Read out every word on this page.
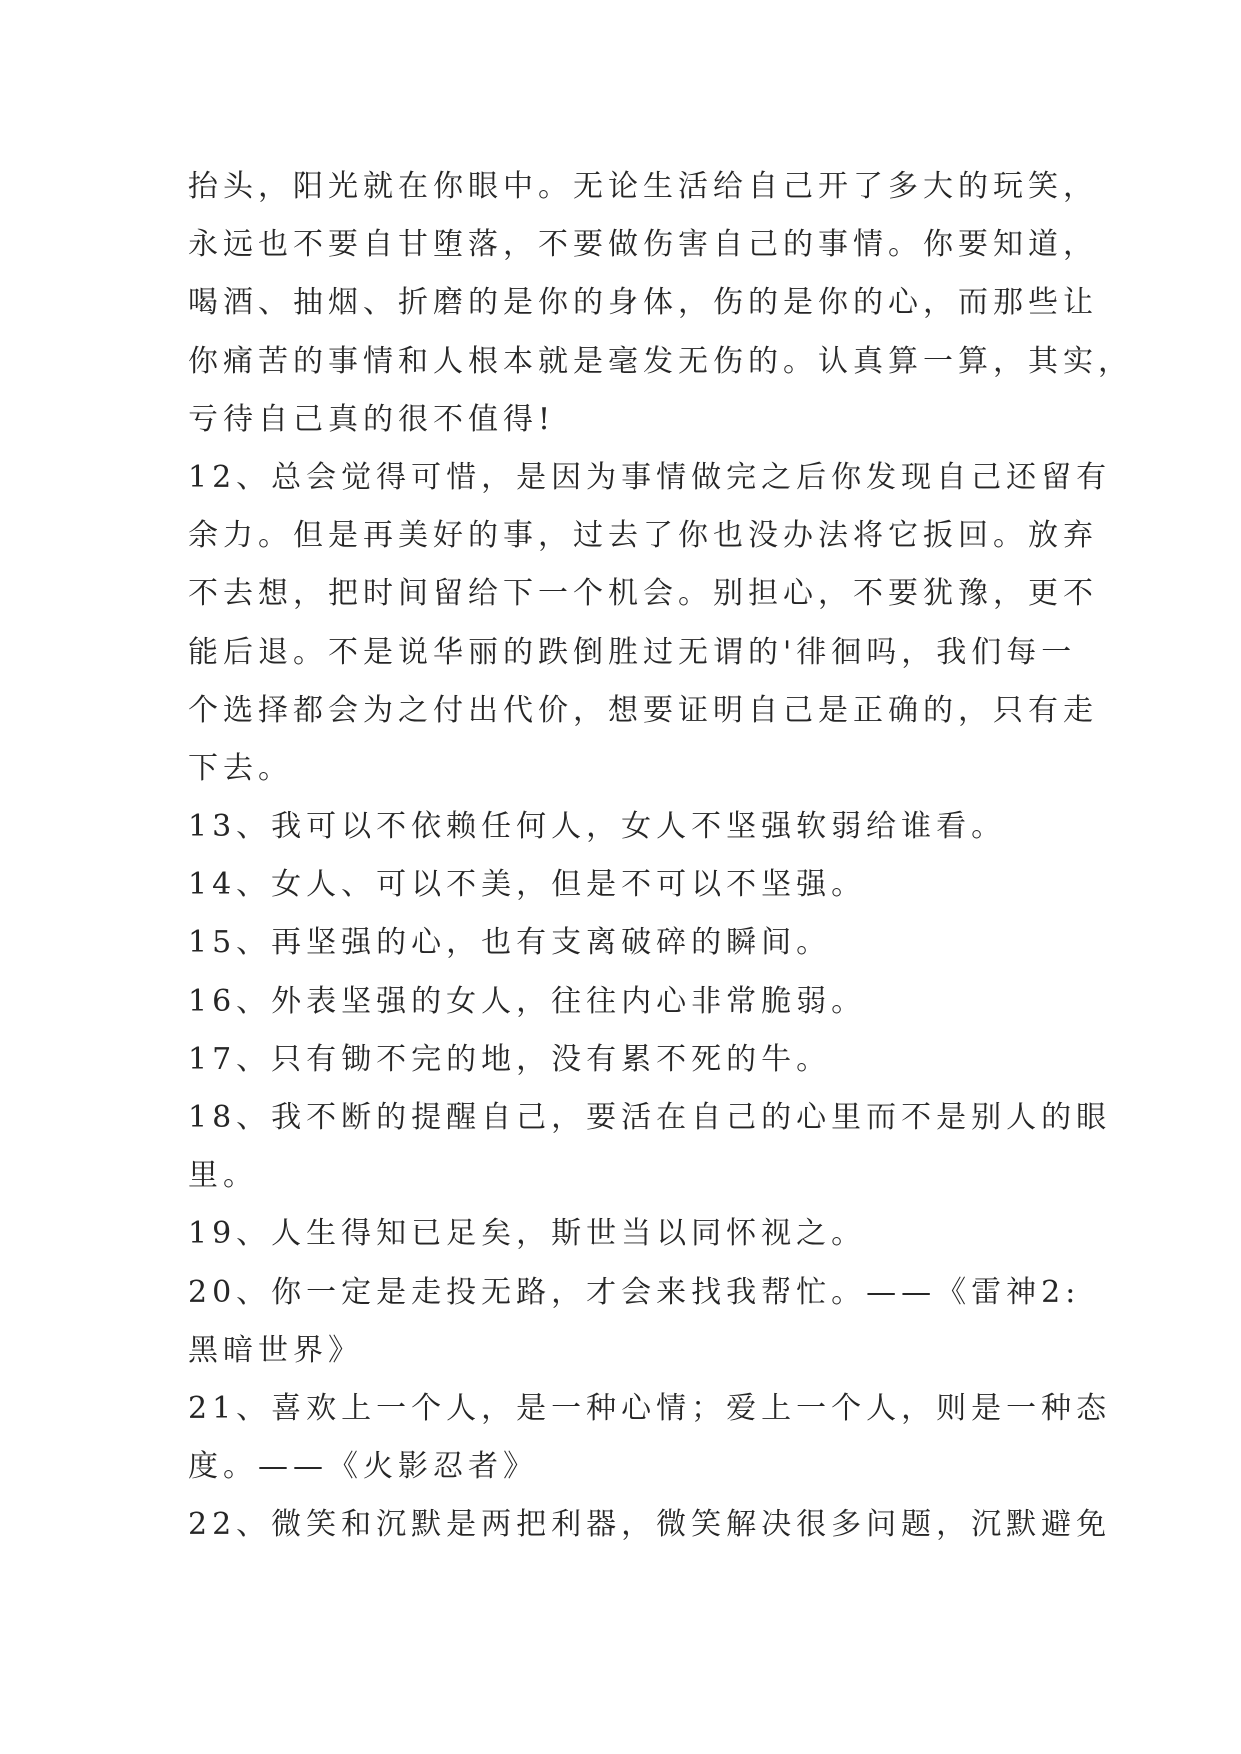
抬头，阳光就在你眼中。无论生活给自己开了多大的玩笑，
永远也不要自甘堕落，不要做伤害自己的事情。你要知道，
喝酒、抽烟、折磨的是你的身体，伤的是你的心，而那些让
你痛苦的事情和人根本就是毫发无伤的。认真算一算，其实，
亏待自己真的很不值得!
12、总会觉得可惜，是因为事情做完之后你发现自己还留有
余力。但是再美好的事，过去了你也没办法将它扳回。放弃
不去想，把时间留给下一个机会。别担心，不要犹豫，更不
能后退。不是说华丽的跌倒胜过无谓的'徘徊吗，我们每一
个选择都会为之付出代价，想要证明自己是正确的，只有走
下去。
13、我可以不依赖任何人，女人不坚强软弱给谁看。
14、女人、可以不美，但是不可以不坚强。
15、再坚强的心，也有支离破碎的瞬间。
16、外表坚强的女人，往往内心非常脆弱。
17、只有锄不完的地，没有累不死的牛。
18、我不断的提醒自己，要活在自己的心里而不是别人的眼
里。
19、人生得知已足矣，斯世当以同怀视之。
20、你一定是走投无路，才会来找我帮忙。——《雷神2:
黑暗世界》
21、喜欢上一个人，是一种心情；爱上一个人，则是一种态
度。——《火影忍者》
22、微笑和沉默是两把利器，微笑解决很多问题，沉默避免
